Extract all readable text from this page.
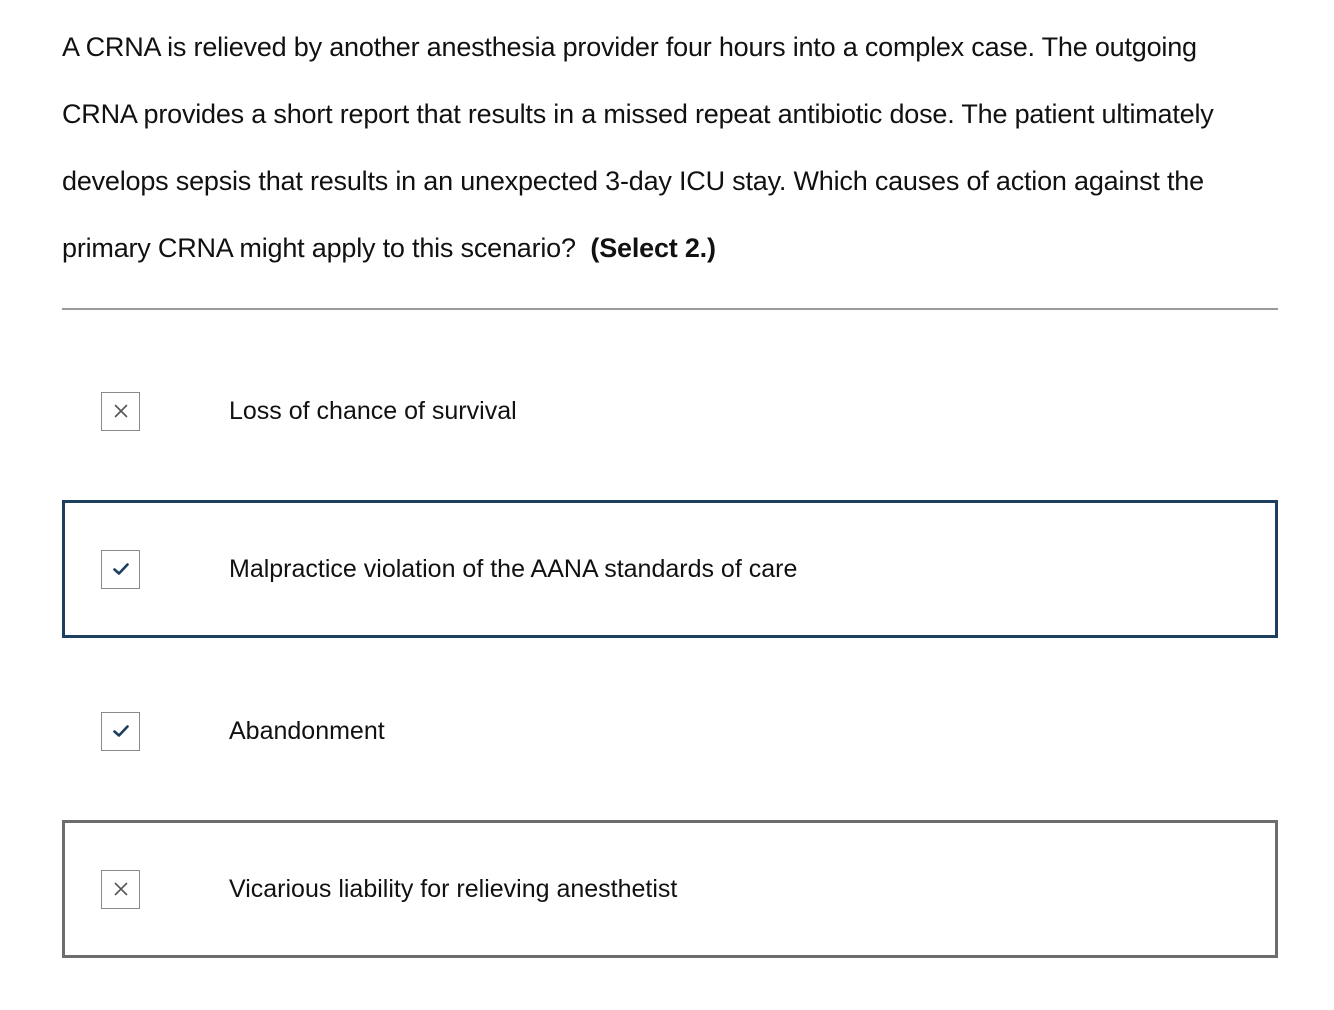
A CRNA is relieved by another anesthesia provider four hours into a complex case. The outgoing CRNA provides a short report that results in a missed repeat antibiotic dose. The patient ultimately develops sepsis that results in an unexpected 3-day ICU stay. Which causes of action against the primary CRNA might apply to this scenario? (Select 2.)

Loss of chance of survival
Malpractice violation of the AANA standards of care
Abandonment
Vicarious liability for relieving anesthetist
